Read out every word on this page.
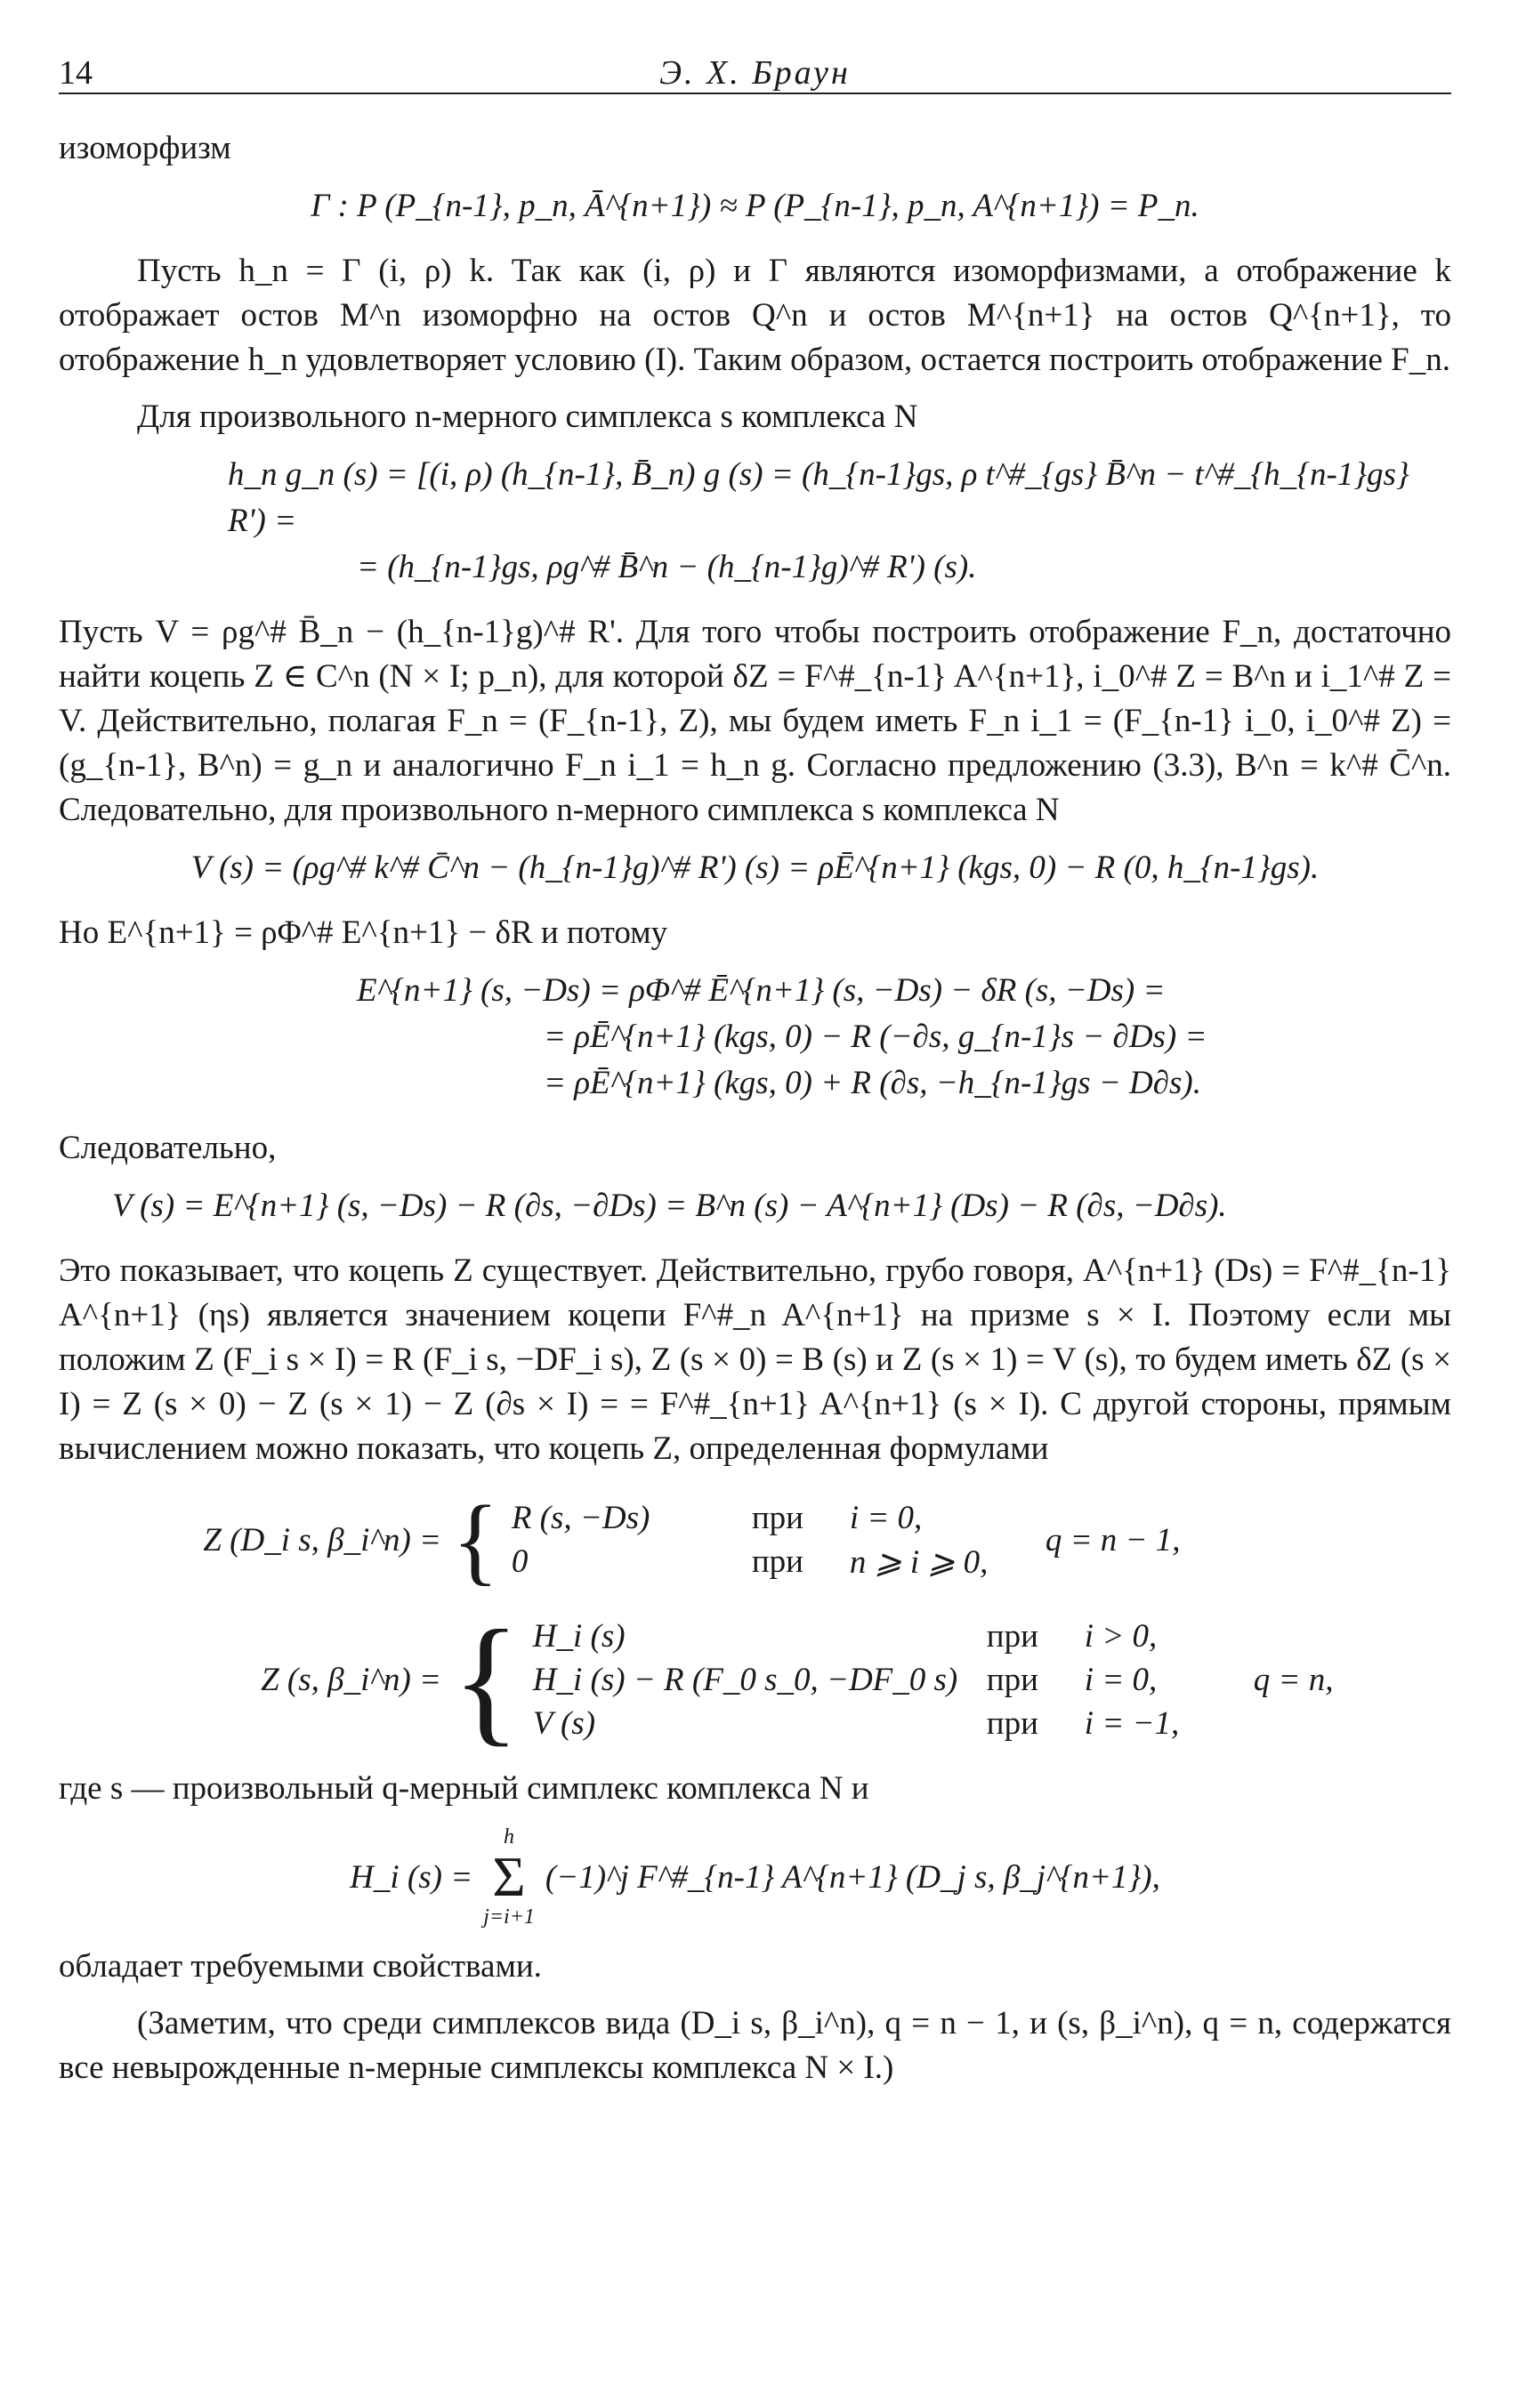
14	Э. Х. Браун

изоморфизм

Γ : P (P_{n-1}, p_n, Ā^{n+1}) ≈ P (P_{n-1}, p_n, A^{n+1}) = P_n.

Пусть h_n = Γ (i, ρ) k. Так как (i, ρ) и Γ являются изоморфизмами, а отображение k отображает остов M^n изоморфно на остов Q^n и остов M^{n+1} на остов Q^{n+1}, то отображение h_n удовлетворяет условию (I). Таким образом, остается построить отображение F_n.

Для произвольного n-мерного симплекса s комплекса N

h_n g_n (s) = [(i, ρ) (h_{n-1}, B̄_n) g (s) = (h_{n-1}gs, ρ t^#_{gs} B̄^n − t^#_{h_{n-1}gs} R') =
= (h_{n-1}gs, ρg^# B̄^n − (h_{n-1}g)^# R') (s).

Пусть V = ρg^# B̄_n − (h_{n-1}g)^# R'. Для того чтобы построить отображение F_n, достаточно найти коцепь Z ∈ C^n (N × I; p_n), для которой δZ = F^#_{n-1} A^{n+1}, i_0^# Z = B^n и i_1^# Z = V. Действительно, полагая F_n = (F_{n-1}, Z), мы будем иметь F_n i_1 = (F_{n-1} i_0, i_0^# Z) = (g_{n-1}, B^n) = g_n и аналогично F_n i_1 = h_n g. Согласно предложению (3.3), B^n = k^# C̄^n. Следовательно, для произвольного n-мерного симплекса s комплекса N

V (s) = (ρg^# k^# C̄^n − (h_{n-1}g)^# R') (s) = ρĒ^{n+1} (kgs, 0) − R (0, h_{n-1}gs).

Но E^{n+1} = ρΦ^# E^{n+1} − δR и потому

E^{n+1} (s, −Ds) = ρΦ^# Ē^{n+1} (s, −Ds) − δR (s, −Ds) =
= ρĒ^{n+1} (kgs, 0) − R (−∂s, g_{n-1}s − ∂Ds) =
= ρĒ^{n+1} (kgs, 0) + R (∂s, −h_{n-1}gs − D∂s).

Следовательно,

V (s) = E^{n+1} (s, −Ds) − R (∂s, −∂Ds) = B^n (s) − A^{n+1} (Ds) − R (∂s, −D∂s).

Это показывает, что коцепь Z существует. Действительно, грубо говоря, A^{n+1} (Ds) = F^#_{n-1} A^{n+1} (ηs) является значением коцепи F^#_n A^{n+1} на призме s × I. Поэтому если мы положим Z (F_i s × I) = R (F_i s, −DF_i s), Z (s × 0) = B (s) и Z (s × 1) = V (s), то будем иметь δZ (s × I) = Z (s × 0) − Z (s × 1) − Z (∂s × I) = = F^#_{n+1} A^{n+1} (s × I). С другой стороны, прямым вычислением можно показать, что коцепь Z, определенная формулами

Z (D_i s, β_i^n) = { R (s, −Ds)	при	i = 0,
0	при	n ⩾ i ⩾ 0,
q = n − 1,
Z (s, β_i^n) = { H_i (s)	при	i > 0,
H_i (s) − R (F_0 s_0, −DF_0 s) при	i = 0,
V (s)	при	i = −1,
q = n,

где s — произвольный q-мерный симплекс комплекса N и

H_i (s) =
h
Σ
j=i+1
(−1)^j F^#_{n-1} A^{n+1} (D_j s, β_j^{n+1}),

обладает требуемыми свойствами.

(Заметим, что среди симплексов вида (D_i s, β_i^n), q = n − 1, и (s, β_i^n), q = n, содержатся все невырожденные n-мерные симплексы комплекса N × I.)
